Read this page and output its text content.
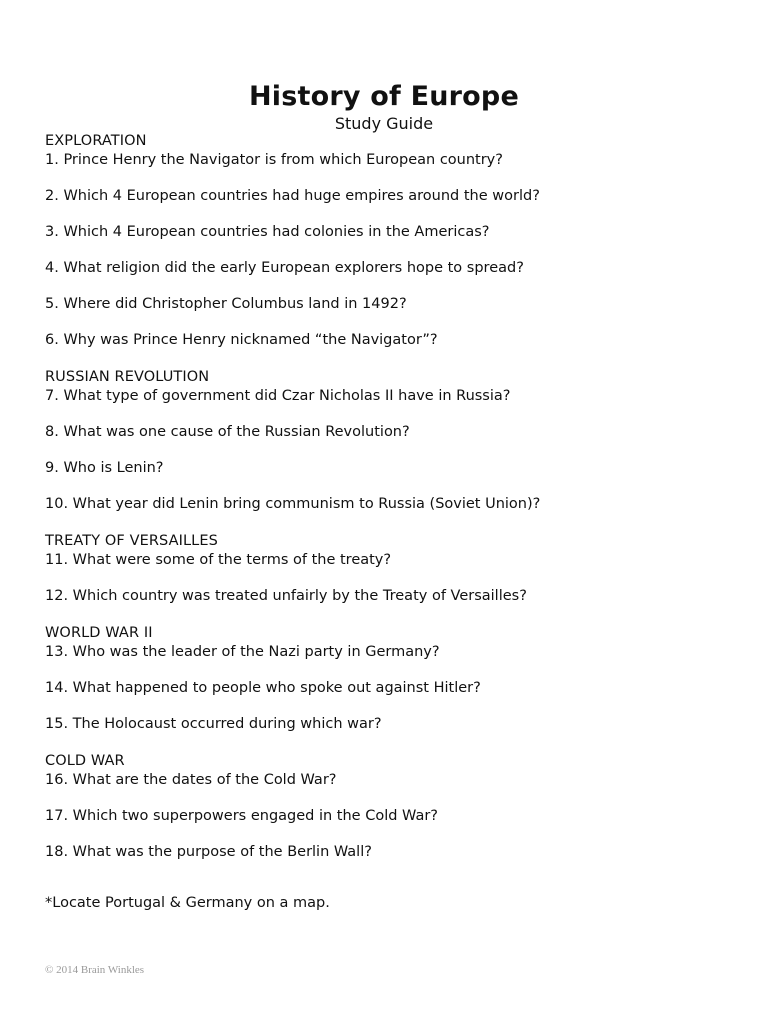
History of Europe
Study Guide
EXPLORATION
1. Prince Henry the Navigator is from which European country?
2. Which 4 European countries had huge empires around the world?
3. Which 4 European countries had colonies in the Americas?
4. What religion did the early European explorers hope to spread?
5. Where did Christopher Columbus land in 1492?
6. Why was Prince Henry nicknamed “the Navigator”?
RUSSIAN REVOLUTION
7. What type of government did Czar Nicholas II have in Russia?
8. What was one cause of the Russian Revolution?
9. Who is Lenin?
10. What year did Lenin bring communism to Russia (Soviet Union)?
TREATY OF VERSAILLES
11. What were some of the terms of the treaty?
12. Which country was treated unfairly by the Treaty of Versailles?
WORLD WAR II
13. Who was the leader of the Nazi party in Germany?
14. What happened to people who spoke out against Hitler?
15. The Holocaust occurred during which war?
COLD WAR
16. What are the dates of the Cold War?
17. Which two superpowers engaged in the Cold War?
18. What was the purpose of the Berlin Wall?
*Locate Portugal & Germany on a map.
© 2014 Brain Winkles
